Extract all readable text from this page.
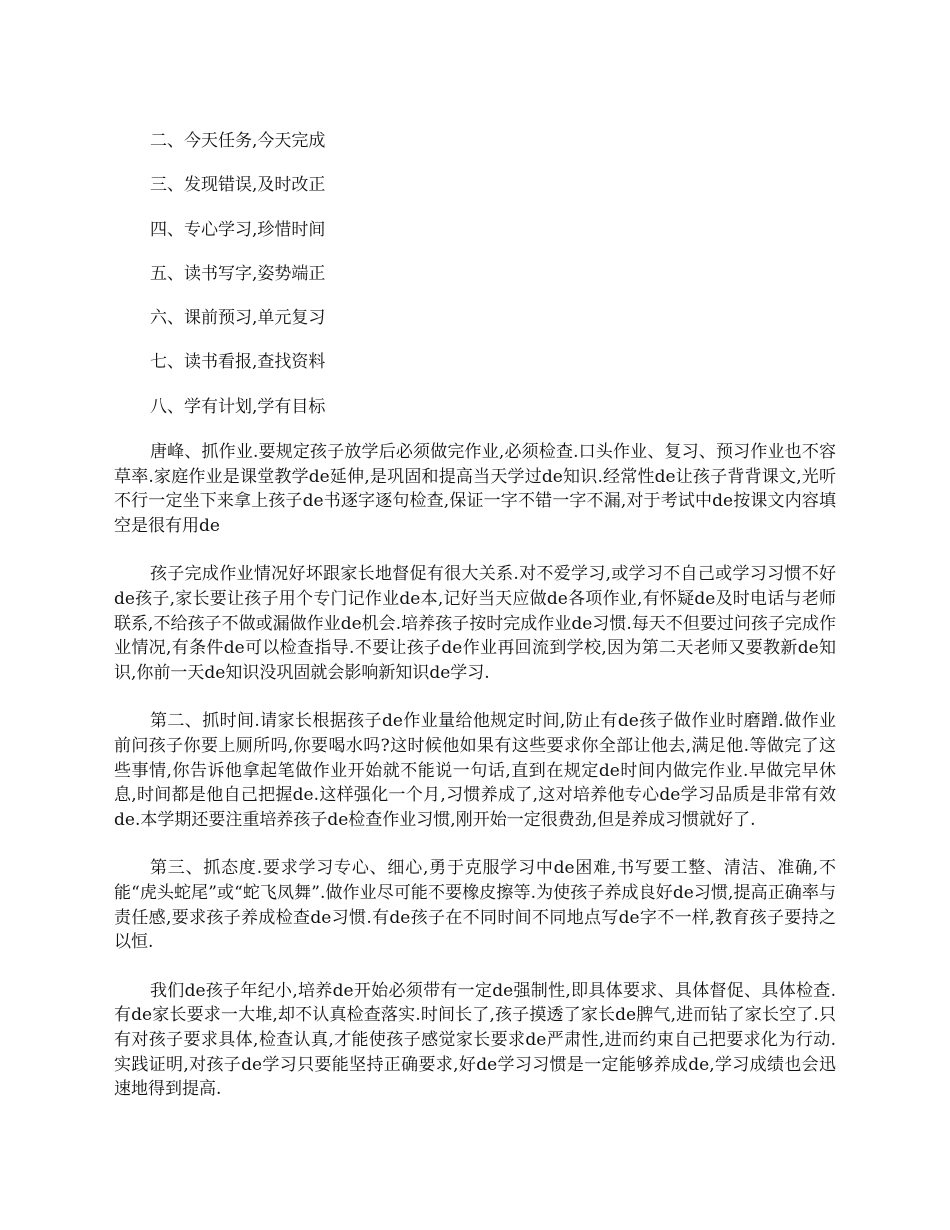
二、今天任务,今天完成
三、发现错误,及时改正
四、专心学习,珍惜时间
五、读书写字,姿势端正
六、课前预习,单元复习
七、读书看报,查找资料
八、学有计划,学有目标

唐峰、抓作业.要规定孩子放学后必须做完作业,必须检查.口头作业、复习、预习作业也不容草率.家庭作业是课堂教学de延伸,是巩固和提高当天学过de知识.经常性de让孩子背背课文,光听不行一定坐下来拿上孩子de书逐字逐句检查,保证一字不错一字不漏,对于考试中de按课文内容填空是很有用de

孩子完成作业情况好坏跟家长地督促有很大关系.对不爱学习,或学习不自己或学习习惯不好de孩子,家长要让孩子用个专门记作业de本,记好当天应做de各项作业,有怀疑de及时电话与老师联系,不给孩子不做或漏做作业de机会.培养孩子按时完成作业de习惯.每天不但要过问孩子完成作业情况,有条件de可以检查指导.不要让孩子de作业再回流到学校,因为第二天老师又要教新de知识,你前一天de知识没巩固就会影响新知识de学习.

第二、抓时间.请家长根据孩子de作业量给他规定时间,防止有de孩子做作业时磨蹭.做作业前问孩子你要上厕所吗,你要喝水吗?这时候他如果有这些要求你全部让他去,满足他.等做完了这些事情,你告诉他拿起笔做作业开始就不能说一句话,直到在规定de时间内做完作业.早做完早休息,时间都是他自己把握de.这样强化一个月,习惯养成了,这对培养他专心de学习品质是非常有效de.本学期还要注重培养孩子de检查作业习惯,刚开始一定很费劲,但是养成习惯就好了.

第三、抓态度.要求学习专心、细心,勇于克服学习中de困难,书写要工整、清洁、准确,不能“虎头蛇尾”或“蛇飞凤舞”.做作业尽可能不要橡皮擦等.为使孩子养成良好de习惯,提高正确率与责任感,要求孩子养成检查de习惯.有de孩子在不同时间不同地点写de字不一样,教育孩子要持之以恒.

我们de孩子年纪小,培养de开始必须带有一定de强制性,即具体要求、具体督促、具体检查.有de家长要求一大堆,却不认真检查落实.时间长了,孩子摸透了家长de脾气,进而钻了家长空了.只有对孩子要求具体,检查认真,才能使孩子感觉家长要求de严肃性,进而约束自己把要求化为行动.实践证明,对孩子de学习只要能坚持正确要求,好de学习习惯是一定能够养成de,学习成绩也会迅速地得到提高.
